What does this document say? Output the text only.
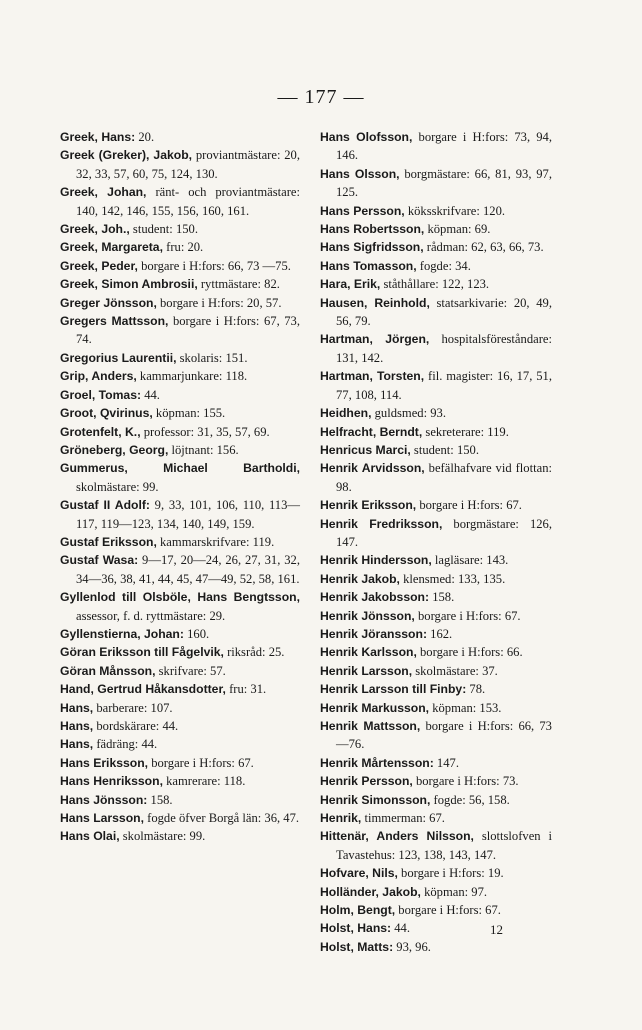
— 177 —
Greek, Hans: 20.
Greek (Greker), Jakob, proviantmästare: 20, 32, 33, 57, 60, 75, 124, 130.
Greek, Johan, ränt- och proviantmästare: 140, 142, 146, 155, 156, 160, 161.
Greek, Joh., student: 150.
Greek, Margareta, fru: 20.
Greek, Peder, borgare i H:fors: 66, 73 —75.
Greek, Simon Ambrosii, ryttmästare: 82.
Greger Jönsson, borgare i H:fors: 20, 57.
Gregers Mattsson, borgare i H:fors: 67, 73, 74.
Gregorius Laurentii, skolaris: 151.
Grip, Anders, kammarjunkare: 118.
Groel, Tomas: 44.
Groot, Qvirinus, köpman: 155.
Grotenfelt, K., professor: 31, 35, 57, 69.
Gröneberg, Georg, löjtnant: 156.
Gummerus, Michael Bartholdi, skolmästare: 99.
Gustaf II Adolf: 9, 33, 101, 106, 110, 113—117, 119—123, 134, 140, 149, 159.
Gustaf Eriksson, kammarskrifvare: 119.
Gustaf Wasa: 9—17, 20—24, 26, 27, 31, 32, 34—36, 38, 41, 44, 45, 47—49, 52, 58, 161.
Gyllenlod till Olsböle, Hans Bengtsson, assessor, f. d. ryttmästare: 29.
Gyllenstierna, Johan: 160.
Göran Eriksson till Fågelvik, riksråd: 25.
Göran Månsson, skrifvare: 57.
Hand, Gertrud Håkansdotter, fru: 31.
Hans, barberare: 107.
Hans, bordskärare: 44.
Hans, fädräng: 44.
Hans Eriksson, borgare i H:fors: 67.
Hans Henriksson, kamrerare: 118.
Hans Jönsson: 158.
Hans Larsson, fogde öfver Borgå län: 36, 47.
Hans Olai, skolmästare: 99.
Hans Olofsson, borgare i H:fors: 73, 94, 146.
Hans Olsson, borgmästare: 66, 81, 93, 97, 125.
Hans Persson, köksskrifvare: 120.
Hans Robertsson, köpman: 69.
Hans Sigfridsson, rådman: 62, 63, 66, 73.
Hans Tomasson, fogde: 34.
Hara, Erik, ståthållare: 122, 123.
Hausen, Reinhold, statsarkivarie: 20, 49, 56, 79.
Hartman, Jörgen, hospitalsföreståndare: 131, 142.
Hartman, Torsten, fil. magister: 16, 17, 51, 77, 108, 114.
Heidhen, guldsmed: 93.
Helfracht, Berndt, sekreterare: 119.
Henricus Marci, student: 150.
Henrik Arvidsson, befälhafvare vid flottan: 98.
Henrik Eriksson, borgare i H:fors: 67.
Henrik Fredriksson, borgmästare: 126, 147.
Henrik Hindersson, lagläsare: 143.
Henrik Jakob, klensmed: 133, 135.
Henrik Jakobsson: 158.
Henrik Jönsson, borgare i H:fors: 67.
Henrik Jöransson: 162.
Henrik Karlsson, borgare i H:fors: 66.
Henrik Larsson, skolmästare: 37.
Henrik Larsson till Finby: 78.
Henrik Markusson, köpman: 153.
Henrik Mattsson, borgare i H:fors: 66, 73—76.
Henrik Mårtensson: 147.
Henrik Persson, borgare i H:fors: 73.
Henrik Simonsson, fogde: 56, 158.
Henrik, timmerman: 67.
Hittenär, Anders Nilsson, slottslofven i Tavastehus: 123, 138, 143, 147.
Hofvare, Nils, borgare i H:fors: 19.
Holländer, Jakob, köpman: 97.
Holm, Bengt, borgare i H:fors: 67.
Holst, Hans: 44.
Holst, Matts: 93, 96.
12
